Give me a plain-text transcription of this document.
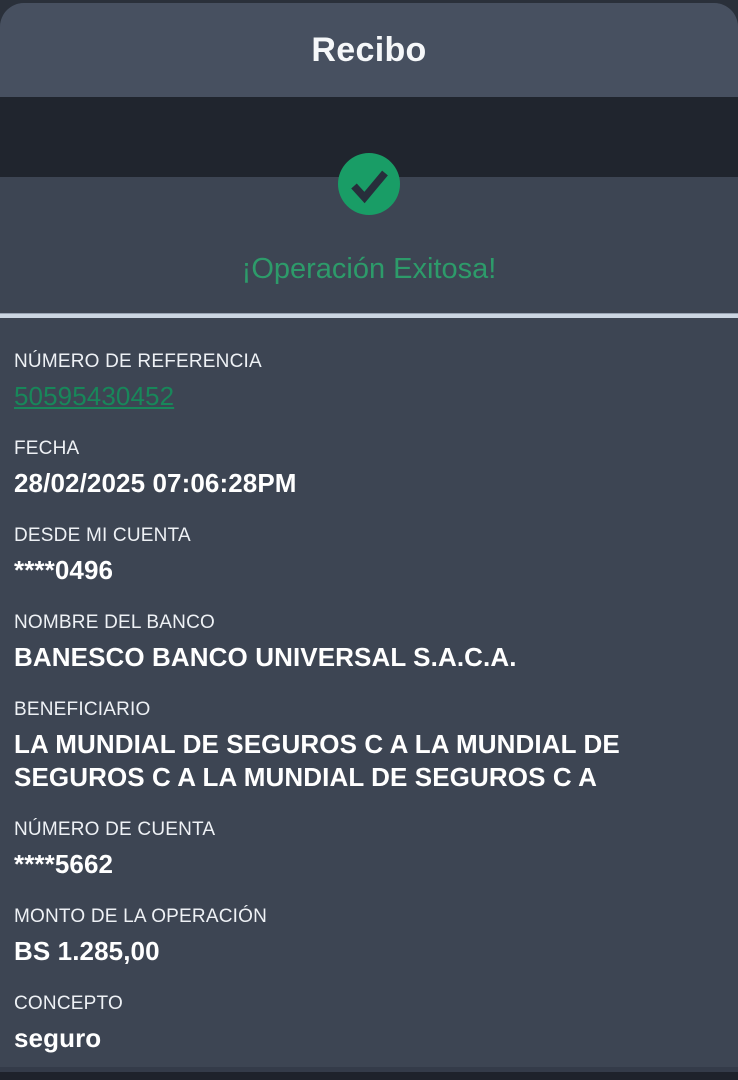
Recibo
¡Operación Exitosa!
NÚMERO DE REFERENCIA
50595430452
FECHA
28/02/2025 07:06:28PM
DESDE MI CUENTA
****0496
NOMBRE DEL BANCO
BANESCO BANCO UNIVERSAL S.A.C.A.
BENEFICIARIO
LA MUNDIAL DE SEGUROS C A LA MUNDIAL DE SEGUROS C A LA MUNDIAL DE SEGUROS C A
NÚMERO DE CUENTA
****5662
MONTO DE LA OPERACIÓN
BS 1.285,00
CONCEPTO
seguro
